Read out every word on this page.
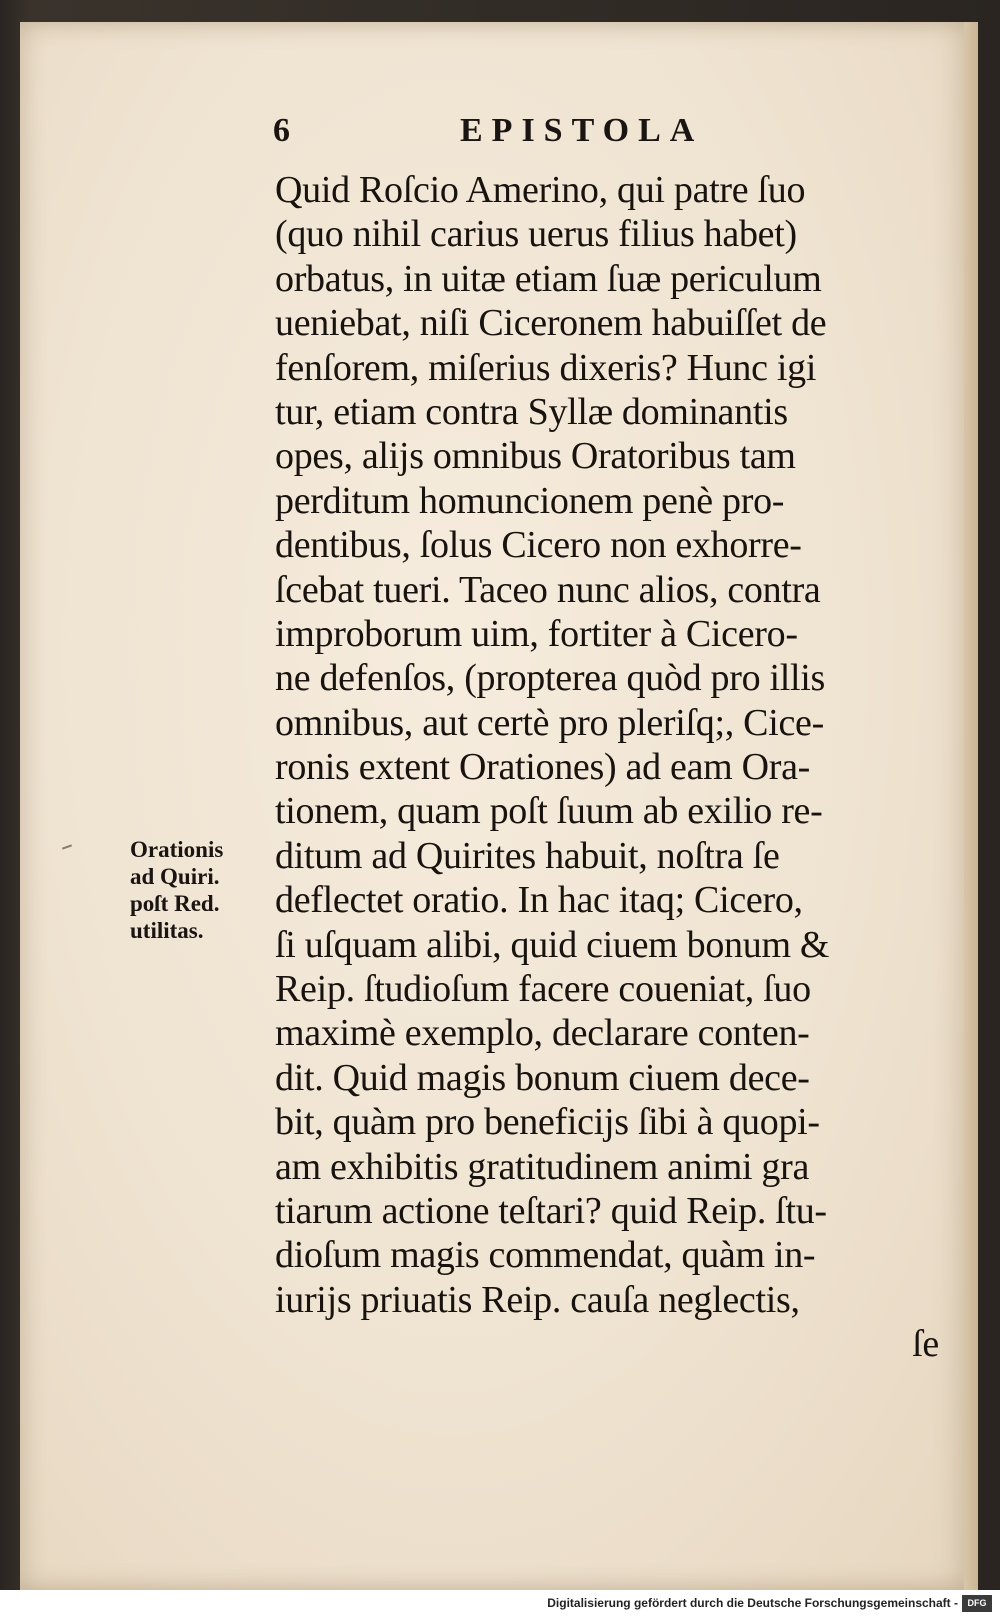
6	EPISTOLA
Quid Roſcio Amerino, qui patre ſuo
(quo nihil carius uerus filius habet)
orbatus, in uitæ etiam ſuæ periculum
ueniebat, niſi Ciceronem habuiſſet de
fenſorem, miſerius dixeris? Hunc igi
tur, etiam contra Syllæ dominantis
opes, alijs omnibus Oratoribus tam
perditum homuncionem penè pro-
dentibus, ſolus Cicero non exhorre-
ſcebat tueri. Taceo nunc alios, contra
improborum uim, fortiter à Cicero-
ne defenſos, (propterea quòd pro illis
omnibus, aut certè pro pleriſq;, Cice-
ronis extent Orationes) ad eam Ora-
tionem, quam poſt ſuum ab exilio re-
ditum ad Quirites habuit, noſtra ſe
deflectet oratio. In hac itaq; Cicero,
ſi uſquam alibi, quid ciuem bonum &
Reip. ſtudioſum facere coueniat, ſuo
maximè exemplo, declarare conten-
dit. Quid magis bonum ciuem dece-
bit, quàm pro beneficijs ſibi à quopi-
am exhibitis gratitudinem animi gra
tiarum actione teſtari? quid Reip. ſtu-
dioſum magis commendat, quàm in-
iurijs priuatis Reip. cauſa neglectis,
ſe
Orationis
ad Quiri.
poſt Red.
utilitas.
Digitalisierung gefördert durch die Deutsche Forschungsgemeinschaft -	DFG
